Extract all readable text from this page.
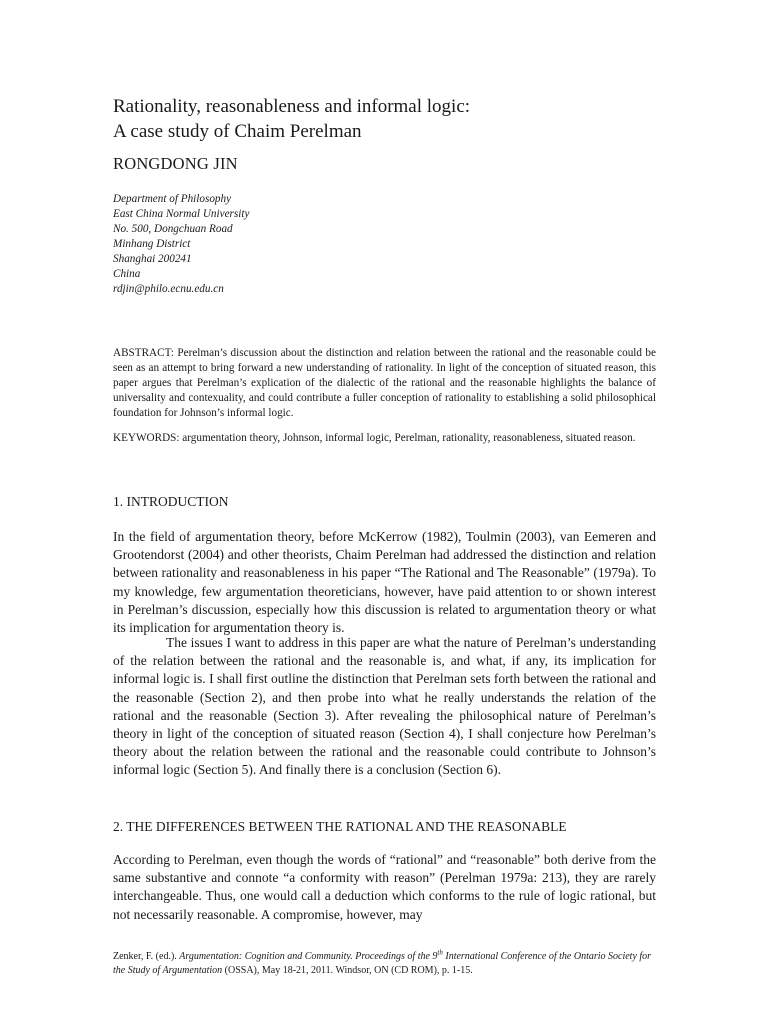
Rationality, reasonableness and informal logic:
A case study of Chaim Perelman
RONGDONG JIN
Department of Philosophy
East China Normal University
No. 500, Dongchuan Road
Minhang District
Shanghai 200241
China
rdjin@philo.ecnu.edu.cn

ABSTRACT: Perelman’s discussion about the distinction and relation between the rational and the reasonable could be seen as an attempt to bring forward a new understanding of rationality. In light of the conception of situated reason, this paper argues that Perelman’s explication of the dialectic of the rational and the reasonable highlights the balance of universality and contexuality, and could contribute a fuller conception of rationality to establishing a solid philosophical foundation for Johnson’s informal logic.

KEYWORDS: argumentation theory, Johnson, informal logic, Perelman, rationality, reasonableness, situated reason.

1. INTRODUCTION

In the field of argumentation theory, before McKerrow (1982), Toulmin (2003), van Eemeren and Grootendorst (2004) and other theorists, Chaim Perelman had addressed the distinction and relation between rationality and reasonableness in his paper “The Rational and The Reasonable” (1979a). To my knowledge, few argumentation theoreticians, however, have paid attention to or shown interest in Perelman’s discussion, especially how this discussion is related to argumentation theory or what its implication for argumentation theory is.

The issues I want to address in this paper are what the nature of Perelman’s understanding of the relation between the rational and the reasonable is, and what, if any, its implication for informal logic is. I shall first outline the distinction that Perelman sets forth between the rational and the reasonable (Section 2), and then probe into what he really understands the relation of the rational and the reasonable (Section 3). After revealing the philosophical nature of Perelman’s theory in light of the conception of situated reason (Section 4), I shall conjecture how Perelman’s theory about the relation between the rational and the reasonable could contribute to Johnson’s informal logic (Section 5). And finally there is a conclusion (Section 6).

2. THE DIFFERENCES BETWEEN THE RATIONAL AND THE REASONABLE

According to Perelman, even though the words of “rational” and “reasonable” both derive from the same substantive and connote “a conformity with reason” (Perelman 1979a: 213), they are rarely interchangeable. Thus, one would call a deduction which conforms to the rule of logic rational, but not necessarily reasonable. A compromise, however, may

Zenker, F. (ed.). Argumentation: Cognition and Community. Proceedings of the 9th International Conference of the Ontario Society for the Study of Argumentation (OSSA), May 18-21, 2011. Windsor, ON (CD ROM), p. 1-15.
